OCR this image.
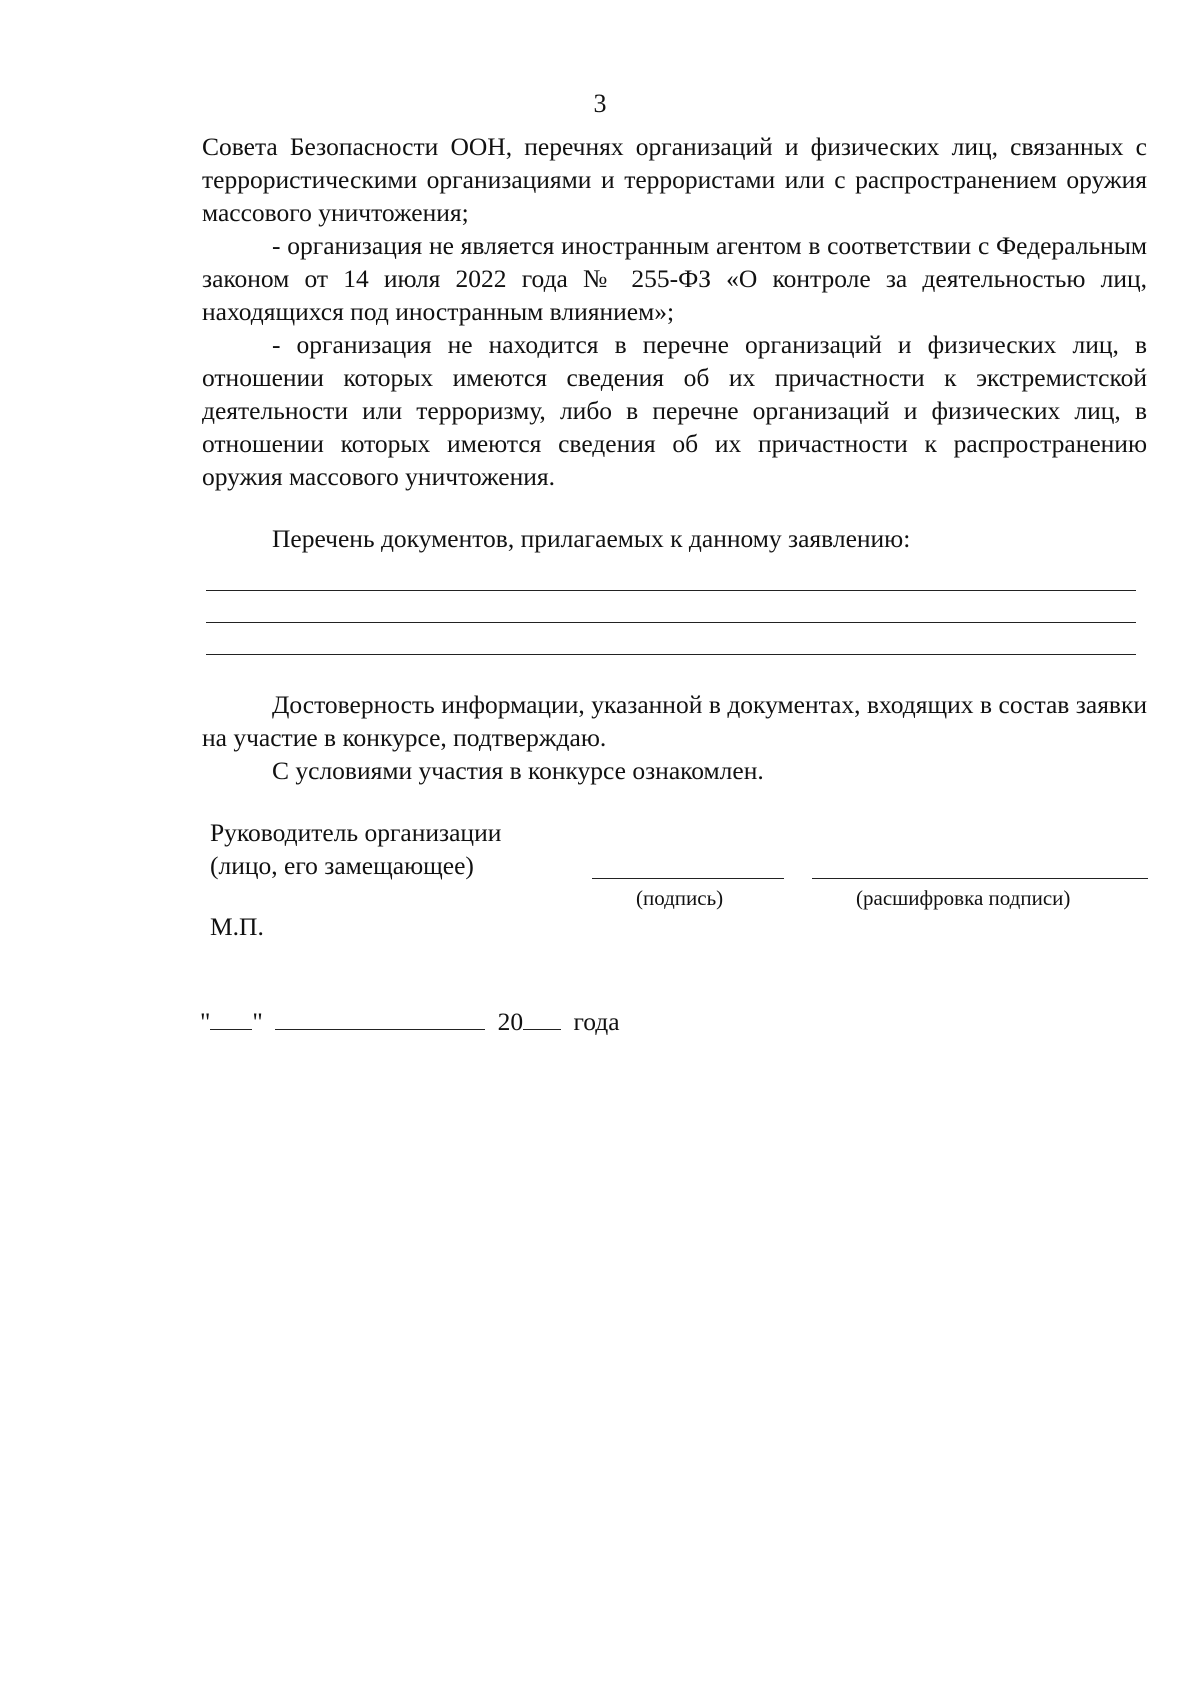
3

Совета Безопасности ООН, перечнях организаций и физических лиц, связанных с террористическими организациями и террористами или с распространением оружия массового уничтожения;

- организация не является иностранным агентом в соответствии с Федеральным законом от 14 июля 2022 года № 255-ФЗ «О контроле за деятельностью лиц, находящихся под иностранным влиянием»;

- организация не находится в перечне организаций и физических лиц, в отношении которых имеются сведения об их причастности к экстремистской деятельности или терроризму, либо в перечне организаций и физических лиц, в отношении которых имеются сведения об их причастности к распространению оружия массового уничтожения.

Перечень документов, прилагаемых к данному заявлению:

Достоверность информации, указанной в документах, входящих в состав заявки на участие в конкурсе, подтверждаю.

С условиями участия в конкурсе ознакомлен.

Руководитель организации
(лицо, его замещающее)
(подпись)	(расшифровка подписи)
М.П.
" "	20 года
